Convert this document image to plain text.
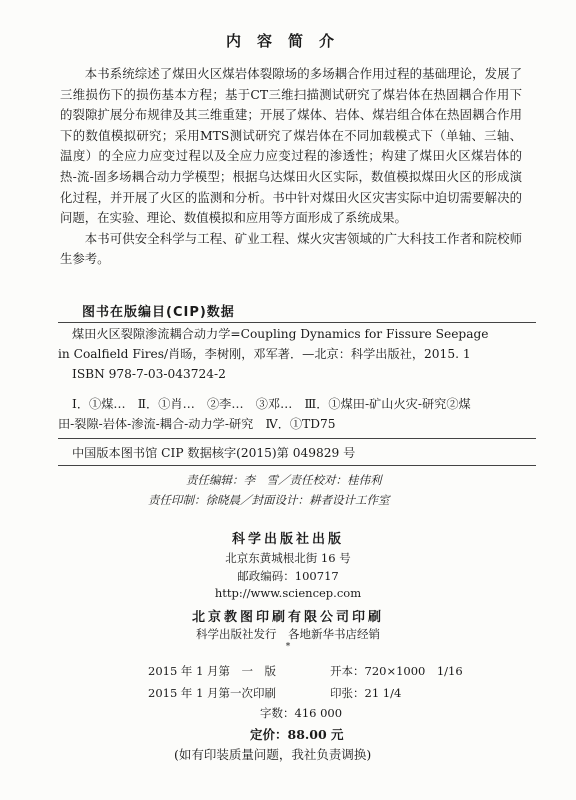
内容简介

本书系统综述了煤田火区煤岩体裂隙场的多场耦合作用过程的基础理论，发展了三维损伤下的损伤基本方程；基于CT三维扫描测试研究了煤岩体在热固耦合作用下的裂隙扩展分布规律及其三维重建；开展了煤体、岩体、煤岩组合体在热固耦合作用下的数值模拟研究；采用MTS测试研究了煤岩体在不同加载模式下（单轴、三轴、温度）的全应力应变过程以及全应力应变过程的渗透性；构建了煤田火区煤岩体的热-流-固多场耦合动力学模型；根据乌达煤田火区实际，数值模拟煤田火区的形成演化过程，并开展了火区的监测和分析。书中针对煤田火区灾害实际中迫切需要解决的问题，在实验、理论、数值模拟和应用等方面形成了系统成果。

本书可供安全科学与工程、矿业工程、煤火灾害领域的广大科技工作者和院校师生参考。

图书在版编目(CIP)数据
煤田火区裂隙渗流耦合动力学=Coupling Dynamics for Fissure Seepage
in Coalfield Fires/肖旸，李树刚，邓军著．—北京：科学出版社，2015. 1
ISBN 978-7-03-043724-2
Ⅰ．①煤…　Ⅱ．①肖…　②李…　③邓…　Ⅲ．①煤田-矿山火灾-研究②煤
田-裂隙-岩体-渗流-耦合-动力学-研究　Ⅳ．①TD75
中国版本图书馆 CIP 数据核字(2015)第 049829 号
责任编辑：李　雪／责任校对：桂伟利
责任印制：徐晓晨／封面设计：耕者设计工作室
科学出版社出版
北京东黄城根北街 16 号
邮政编码：100717
http://www.sciencep.com
北京教图印刷有限公司印刷
科学出版社发行　各地新华书店经销
*
2015 年 1 月第　一　版	开本：720×1000　1/16
2015 年 1 月第一次印刷	印张：21 1/4
字数：416 000
定价：88.00 元
(如有印装质量问题，我社负责调换)
